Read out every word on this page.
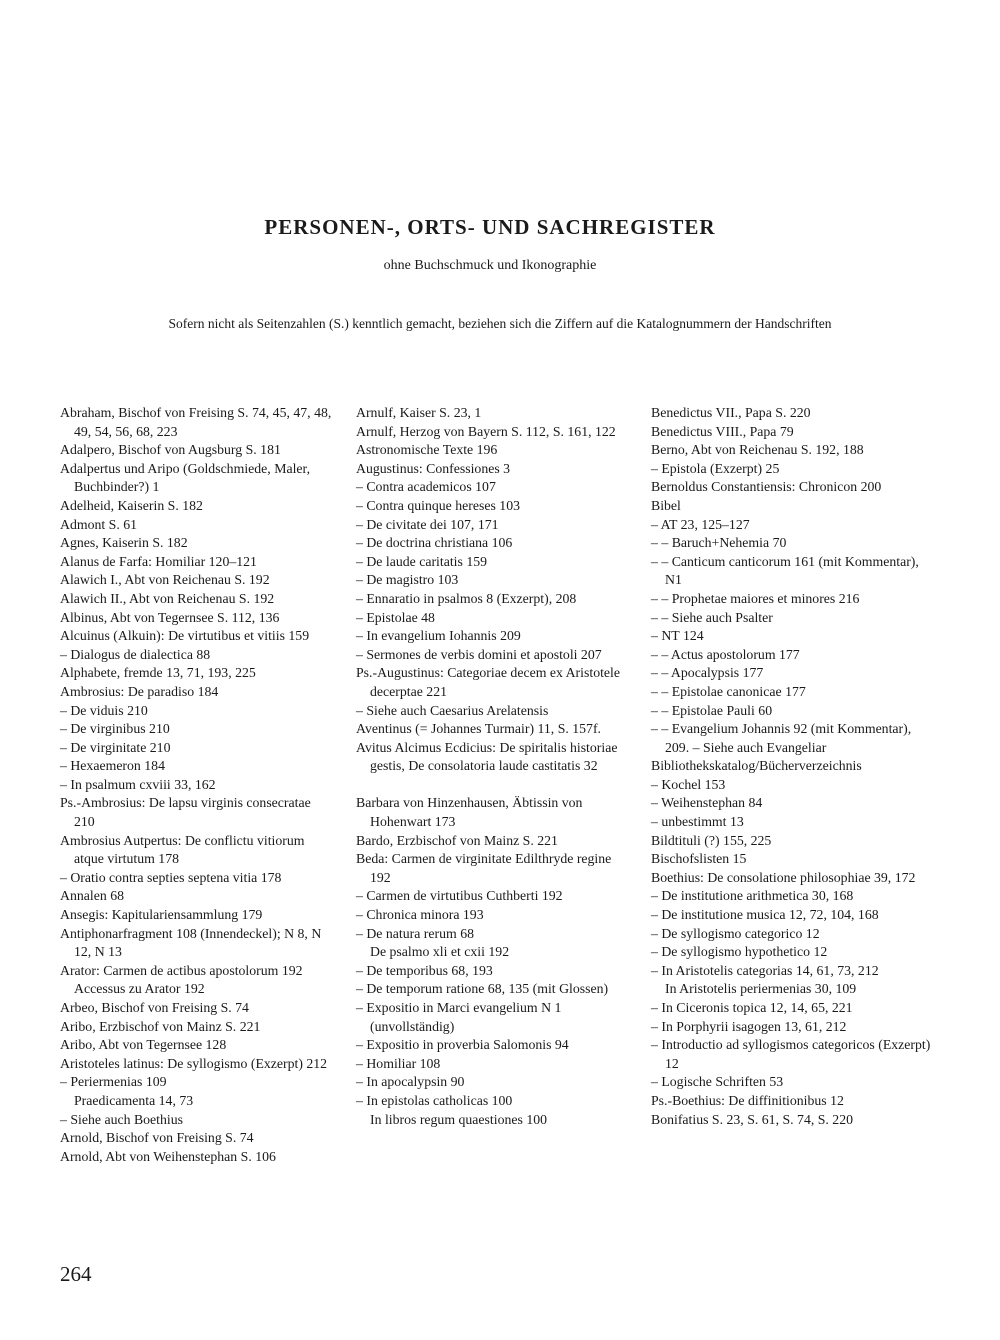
PERSONEN-, ORTS- UND SACHREGISTER
ohne Buchschmuck und Ikonographie
Sofern nicht als Seitenzahlen (S.) kenntlich gemacht, beziehen sich die Ziffern auf die Katalognummern der Handschriften
Abraham, Bischof von Freising S. 74, 45, 47, 48, 49, 54, 56, 68, 223
Adalpero, Bischof von Augsburg S. 181
Adalpertus und Aripo (Goldschmiede, Maler, Buchbinder?) 1
Adelheid, Kaiserin S. 182
Admont S. 61
Agnes, Kaiserin S. 182
Alanus de Farfa: Homiliar 120–121
Alawich I., Abt von Reichenau S. 192
Alawich II., Abt von Reichenau S. 192
Albinus, Abt von Tegernsee S. 112, 136
Alcuinus (Alkuin): De virtutibus et vitiis 159
– Dialogus de dialectica 88
Alphabete, fremde 13, 71, 193, 225
Ambrosius: De paradiso 184
– De viduis 210
– De virginibus 210
– De virginitate 210
– Hexaemeron 184
– In psalmum cxviii 33, 162
Ps.-Ambrosius: De lapsu virginis consecratae 210
Ambrosius Autpertus: De conflictu vitiorum atque virtutum 178
– Oratio contra septies septena vitia 178
Annalen 68
Ansegis: Kapitulariensammlung 179
Antiphonarfragment 108 (Innendeckel); N 8, N 12, N 13
Arator: Carmen de actibus apostolorum 192
Accessus zu Arator 192
Arbeo, Bischof von Freising S. 74
Aribo, Erzbischof von Mainz S. 221
Aribo, Abt von Tegernsee 128
Aristoteles latinus: De syllogismo (Exzerpt) 212
– Periermenias 109
Praedicamenta 14, 73
– Siehe auch Boethius
Arnold, Bischof von Freising S. 74
Arnold, Abt von Weihenstephan S. 106
Arnulf, Kaiser S. 23, 1
Arnulf, Herzog von Bayern S. 112, S. 161, 122
Astronomische Texte 196
Augustinus: Confessiones 3
– Contra academicos 107
– Contra quinque hereses 103
– De civitate dei 107, 171
– De doctrina christiana 106
– De laude caritatis 159
– De magistro 103
– Ennaratio in psalmos 8 (Exzerpt), 208
– Epistolae 48
– In evangelium Iohannis 209
– Sermones de verbis domini et apostoli 207
Ps.-Augustinus: Categoriae decem ex Aristotele decerptae 221
– Siehe auch Caesarius Arelatensis
Aventinus (= Johannes Turmair) 11, S. 157f.
Avitus Alcimus Ecdicius: De spiritalis historiae gestis, De consolatoria laude castitatis 32
Barbara von Hinzenhausen, Äbtissin von Hohenwart 173
Bardo, Erzbischof von Mainz S. 221
Beda: Carmen de virginitate Edilthryde regine 192
– Carmen de virtutibus Cuthberti 192
– Chronica minora 193
– De natura rerum 68
De psalmo xli et cxii 192
– De temporibus 68, 193
– De temporum ratione 68, 135 (mit Glossen)
– Expositio in Marci evangelium N 1 (unvollständig)
– Expositio in proverbia Salomonis 94
– Homiliar 108
– In apocalypsin 90
– In epistolas catholicas 100
In libros regum quaestiones 100
Benedictus VII., Papa S. 220
Benedictus VIII., Papa 79
Berno, Abt von Reichenau S. 192, 188
– Epistola (Exzerpt) 25
Bernoldus Constantiensis: Chronicon 200
Bibel
– AT 23, 125–127
– – Baruch+Nehemia 70
– – Canticum canticorum 161 (mit Kommentar), N1
– – Prophetae maiores et minores 216
– – Siehe auch Psalter
– NT 124
– – Actus apostolorum 177
– – Apocalypsis 177
– – Epistolae canonicae 177
– – Epistolae Pauli 60
– – Evangelium Johannis 92 (mit Kommentar), 209. – Siehe auch Evangeliar
Bibliothekskatalog/Bücherverzeichnis
– Kochel 153
– Weihenstephan 84
– unbestimmt 13
Bildtituli (?) 155, 225
Bischofslisten 15
Boethius: De consolatione philosophiae 39, 172
– De institutione arithmetica 30, 168
– De institutione musica 12, 72, 104, 168
– De syllogismo categorico 12
– De syllogismo hypothetico 12
– In Aristotelis categorias 14, 61, 73, 212
In Aristotelis periermenias 30, 109
– In Ciceronis topica 12, 14, 65, 221
– In Porphyrii isagogen 13, 61, 212
– Introductio ad syllogismos categoricos (Exzerpt) 12
– Logische Schriften 53
Ps.-Boethius: De diffinitionibus 12
Bonifatius S. 23, S. 61, S. 74, S. 220
264
